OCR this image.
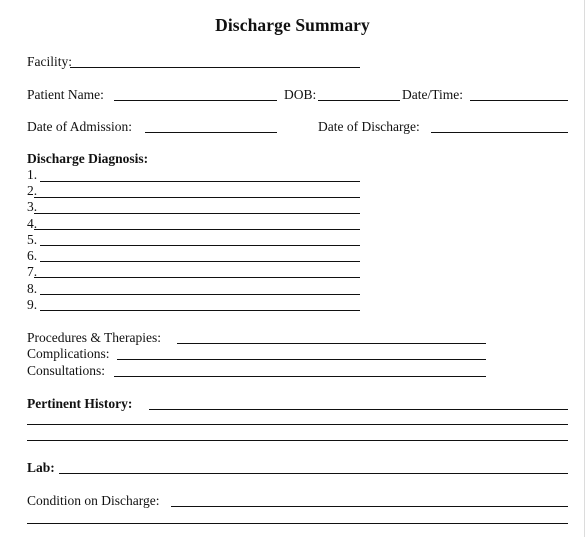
Discharge Summary
Facility:
Patient Name:	DOB:	Date/Time:
Date of Admission:	Date of Discharge:
Discharge Diagnosis:
1.
2.
3.
4.
5.
6.
7.
8.
9.
Procedures & Therapies:
Complications:
Consultations:
Pertinent History:
Lab:
Condition on Discharge:
